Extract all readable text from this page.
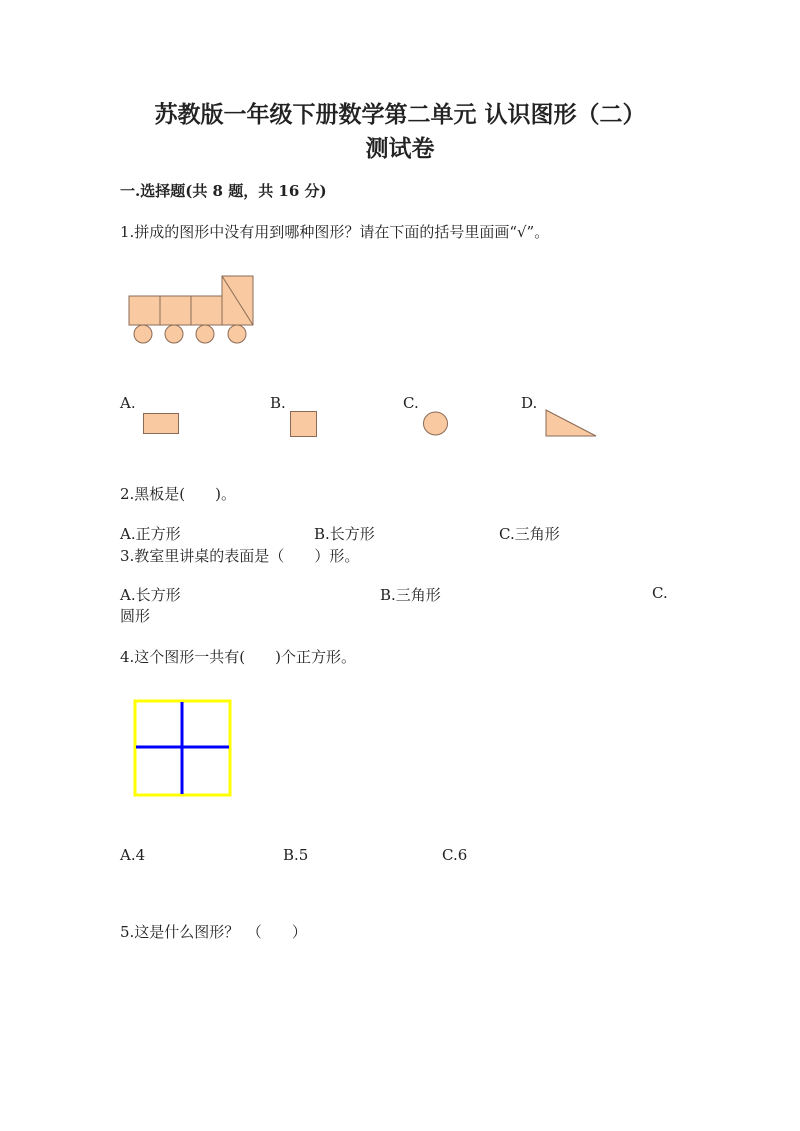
苏教版一年级下册数学第二单元 认识图形（二）
测试卷
一.选择题(共 8 题，共 16 分)
1.拼成的图形中没有用到哪种图形？请在下面的括号里面画“√”。
A.	B.	C.	D.
2.黑板是(　　)。
A.正方形	B.长方形	C.三角形
3.教室里讲桌的表面是（　　）形。
A.长方形	B.三角形	C.
圆形
4.这个图形一共有(　　)个正方形。
A.4	B.5	C.6
5.这是什么图形？　（　　）
